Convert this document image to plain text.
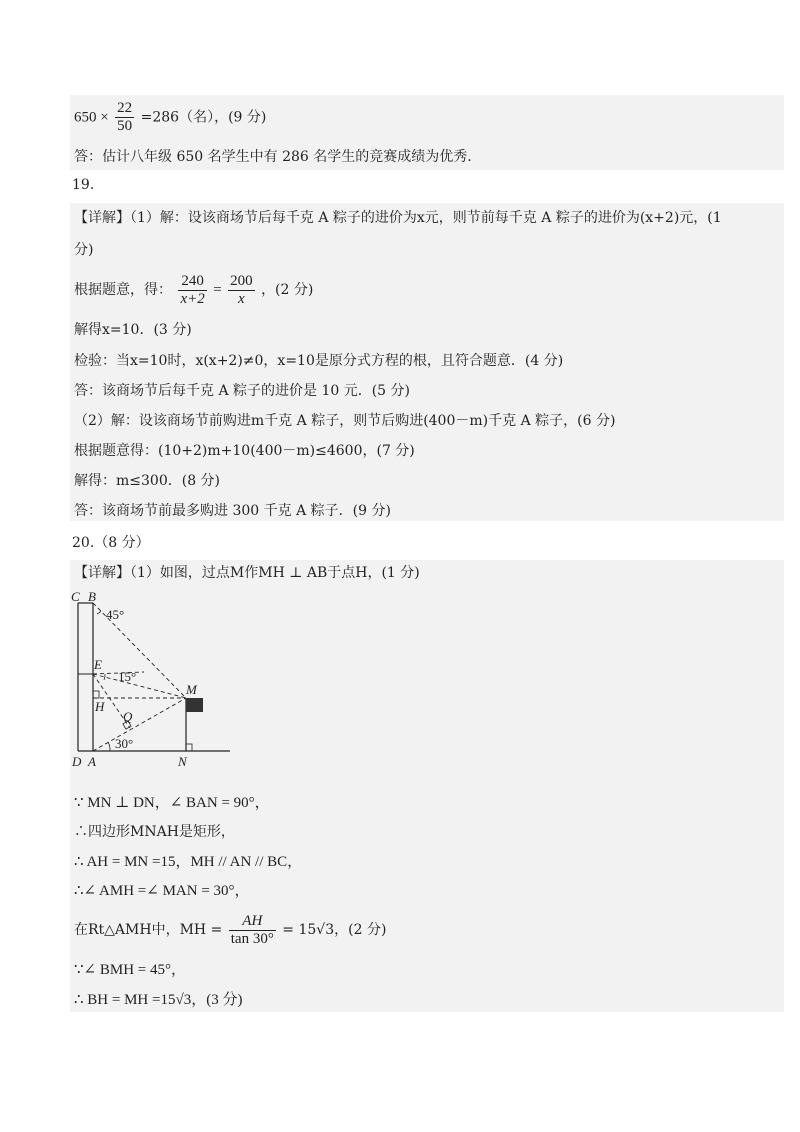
$650 \times \frac{22}{50} =286$（名），(9 分)
答：估计八年级 650 名学生中有 286 名学生的竞赛成绩为优秀.
19.
【详解】（1）解：设该商场节后每千克 A 粽子的进价为x元，则节前每千克 A 粽子的进价为(x+2)元，(1
分)
根据题意，得： $\frac{240}{x+2} = \frac{200}{x}$ ，(2 分)
解得x=10．(3 分)
检验：当x=10时，x(x+2)≠0，x=10是原分式方程的根，且符合题意．(4 分)
答：该商场节后每千克 A 粽子的进价是 10 元．(5 分)
（2）解：设该商场节前购进m千克 A 粽子，则节后购进(400－m)千克 A 粽子，(6 分)
根据题意得：(10+2)m+10(400－m)≤4600，(7 分)
解得：m≤300．(8 分)
答：该商场节前最多购进 300 千克 A 粽子．(9 分)
20.（8 分）
【详解】（1）如图，过点M作MH ⊥ AB于点H，(1 分)
C B
45°
E
15°
M
H
Q
30°
D A	N
∵ MN ⊥ DN，∠ BAN = 90°，
∴四边形MNAH是矩形，
∴ AH = MN =15，MH // AN // BC，
∴∠ AMH =∠ MAN = 30°，
在Rt△AMH中，MH = $\frac{AH}{\tan 30^\circ} = 15√3$，(2 分)
∵∠ BMH = 45°，
∴ BH = MH =15√3，(3 分)
